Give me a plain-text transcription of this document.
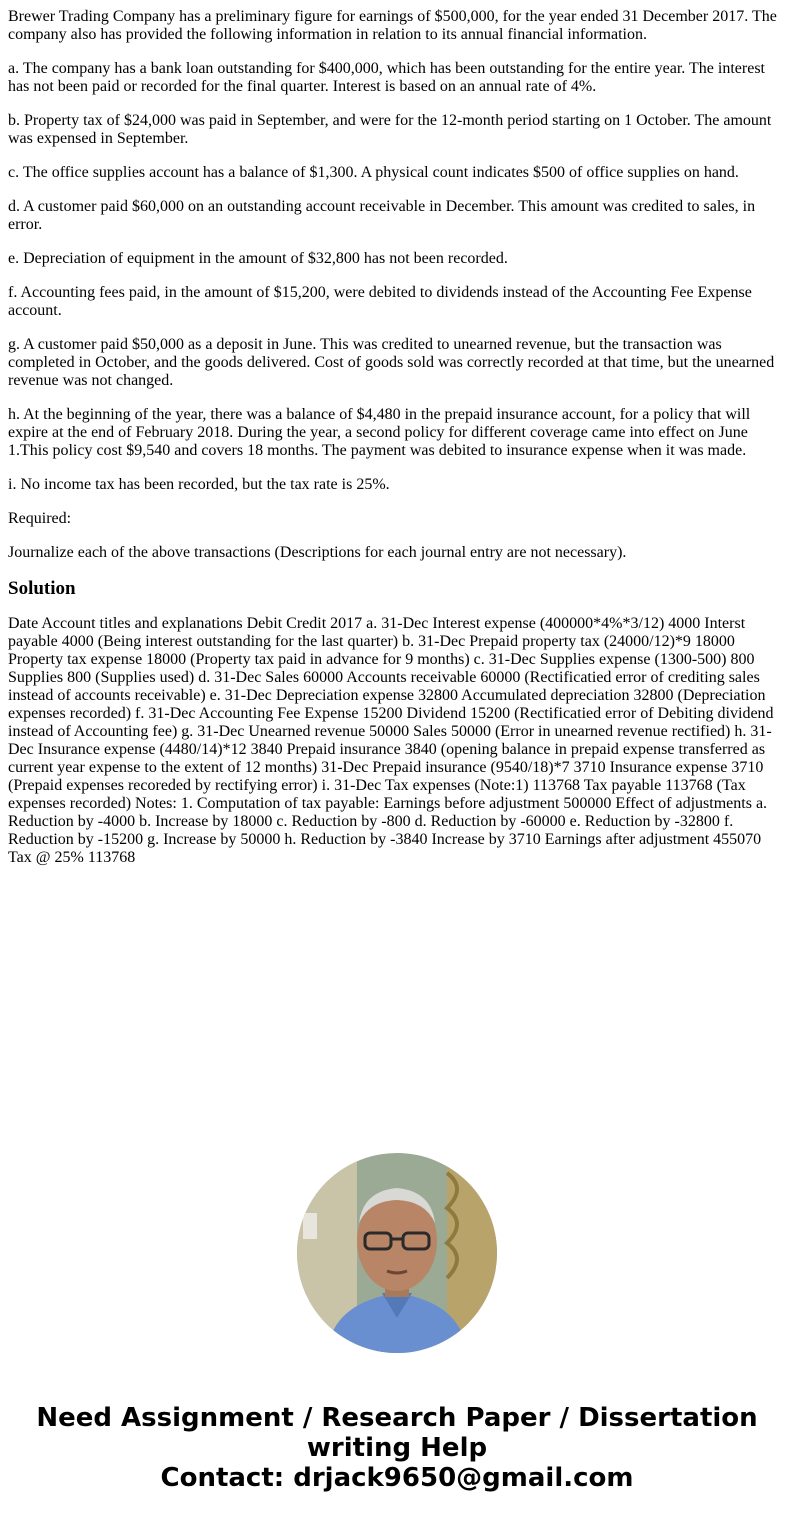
Brewer Trading Company has a preliminary figure for earnings of $500,000, for the year ended 31 December 2017. The company also has provided the following information in relation to its annual financial information.

a. The company has a bank loan outstanding for $400,000, which has been outstanding for the entire year. The interest has not been paid or recorded for the final quarter. Interest is based on an annual rate of 4%.

b. Property tax of $24,000 was paid in September, and were for the 12-month period starting on 1 October. The amount was expensed in September.

c. The office supplies account has a balance of $1,300. A physical count indicates $500 of office supplies on hand.

d. A customer paid $60,000 on an outstanding account receivable in December. This amount was credited to sales, in error.

e. Depreciation of equipment in the amount of $32,800 has not been recorded.

f. Accounting fees paid, in the amount of $15,200, were debited to dividends instead of the Accounting Fee Expense account.

g. A customer paid $50,000 as a deposit in June. This was credited to unearned revenue, but the transaction was completed in October, and the goods delivered. Cost of goods sold was correctly recorded at that time, but the unearned revenue was not changed.

h. At the beginning of the year, there was a balance of $4,480 in the prepaid insurance account, for a policy that will expire at the end of February 2018. During the year, a second policy for different coverage came into effect on June 1.This policy cost $9,540 and covers 18 months. The payment was debited to insurance expense when it was made.

i. No income tax has been recorded, but the tax rate is 25%.

Required:

Journalize each of the above transactions (Descriptions for each journal entry are not necessary).

Solution

Date Account titles and explanations Debit Credit 2017 a. 31-Dec Interest expense (400000*4%*3/12) 4000 Interst payable 4000 (Being interest outstanding for the last quarter) b. 31-Dec Prepaid property tax (24000/12)*9 18000 Property tax expense 18000 (Property tax paid in advance for 9 months) c. 31-Dec Supplies expense (1300-500) 800 Supplies 800 (Supplies used) d. 31-Dec Sales 60000 Accounts receivable 60000 (Rectificatied error of crediting sales instead of accounts receivable) e. 31-Dec Depreciation expense 32800 Accumulated depreciation 32800 (Depreciation expenses recorded) f. 31-Dec Accounting Fee Expense 15200 Dividend 15200 (Rectificatied error of Debiting dividend instead of Accounting fee) g. 31-Dec Unearned revenue 50000 Sales 50000 (Error in unearned revenue rectified) h. 31-Dec Insurance expense (4480/14)*12 3840 Prepaid insurance 3840 (opening balance in prepaid expense transferred as current year expense to the extent of 12 months) 31-Dec Prepaid insurance (9540/18)*7 3710 Insurance expense 3710 (Prepaid expenses recoreded by rectifying error) i. 31-Dec Tax expenses (Note:1) 113768 Tax payable 113768 (Tax expenses recorded) Notes: 1. Computation of tax payable: Earnings before adjustment 500000 Effect of adjustments a. Reduction by -4000 b. Increase by 18000 c. Reduction by -800 d. Reduction by -60000 e. Reduction by -32800 f. Reduction by -15200 g. Increase by 50000 h. Reduction by -3840 Increase by 3710 Earnings after adjustment 455070 Tax @ 25% 113768

Need Assignment / Research Paper / Dissertation
writing Help
Contact: drjack9650@gmail.com
